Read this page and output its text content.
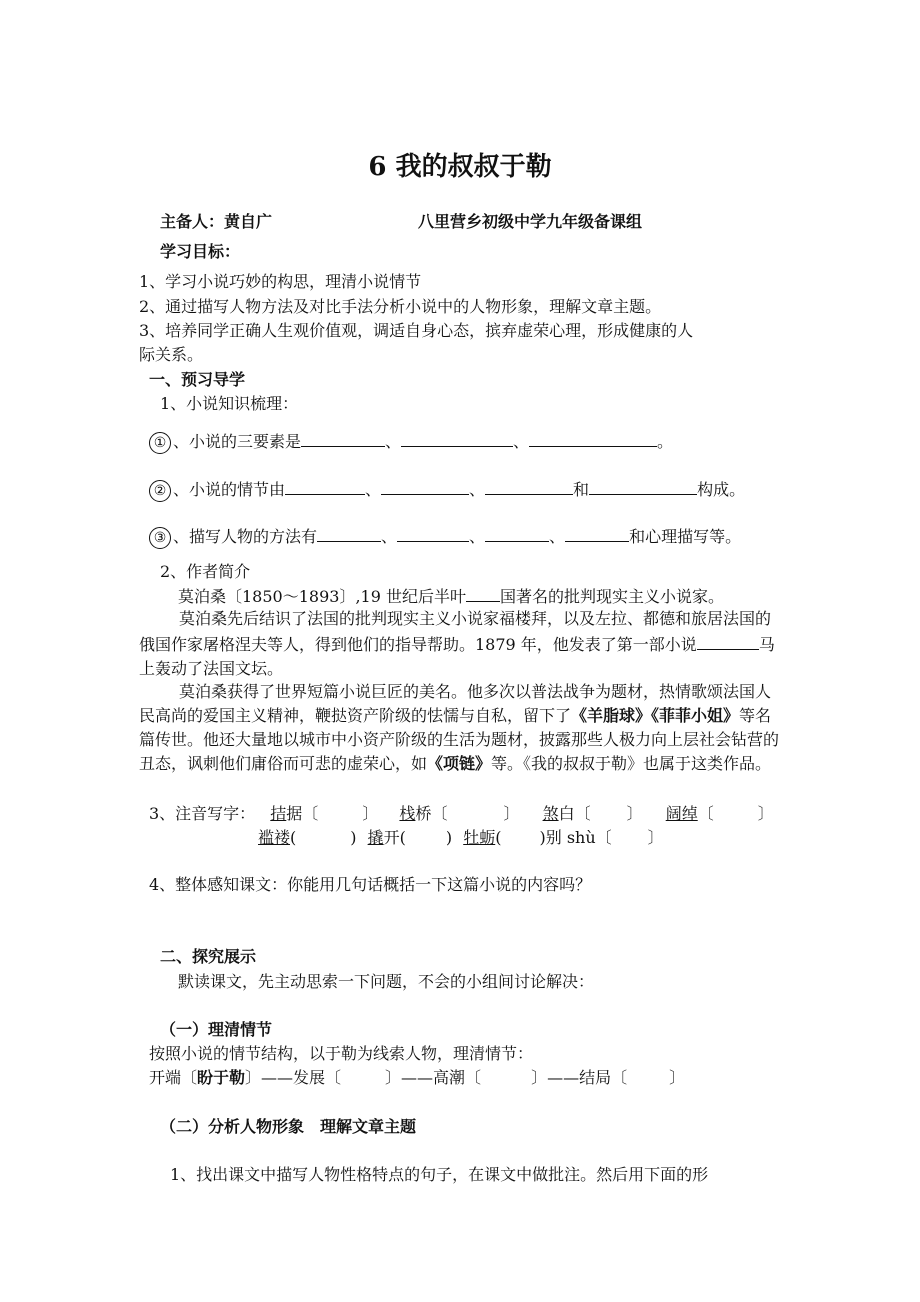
6 我的叔叔于勒
主备人：黄自广	八里营乡初级中学九年级备课组
学习目标：
1、学习小说巧妙的构思，理清小说情节
2、通过描写人物方法及对比手法分析小说中的人物形象，理解文章主题。
3、培养同学正确人生观价值观，调适自身心态，摈弃虚荣心理，形成健康的人
际关系。
一、预习导学
1、小说知识梳理：
① 、小说的三要素是	、	、	。
② 、小说的情节由	、	、	和	构成。
③ 、描写人物的方法有	、	、	、	和心理描写等。
2、作者简介
莫泊桑〔1850～1893〕,19 世纪后半叶 国著名的批判现实主义小说家。
莫泊桑先后结识了法国的批判现实主义小说家福楼拜，以及左拉、都德和旅居法国的俄国作家屠格涅夫等人，得到他们的指导帮助。1879 年，他发表了第一部小说	马上轰动了法国文坛。
莫泊桑获得了世界短篇小说巨匠的美名。他多次以普法战争为题材，热情歌颂法国人民高尚的爱国主义精神，鞭挞资产阶级的怯懦与自私，留下了《羊脂球》《菲菲小姐》等名篇传世。他还大量地以城市中小资产阶级的生活为题材，披露那些人极力向上层社会钻营的丑态，讽刺他们庸俗而可悲的虚荣心，如《项链》等。《我的叔叔于勒》也属于这类作品。
3、注音写字： 拮据〔	〕 栈桥〔	〕 煞白〔 〕 阔绰〔	〕
褴褛(	) 撬开(	) 牡蛎( )别 shù〔 〕
4、整体感知课文：你能用几句话概括一下这篇小说的内容吗？
二、探究展示
默读课文，先主动思索一下问题，不会的小组间讨论解决：
（一）理清情节
按照小说的情节结构，以于勒为线索人物，理清情节：
开端〔盼于勒〕——发展〔	〕——高潮〔	〕——结局〔	〕
（二）分析人物形象　理解文章主题
1、找出课文中描写人物性格特点的句子，在课文中做批注。然后用下面的形
